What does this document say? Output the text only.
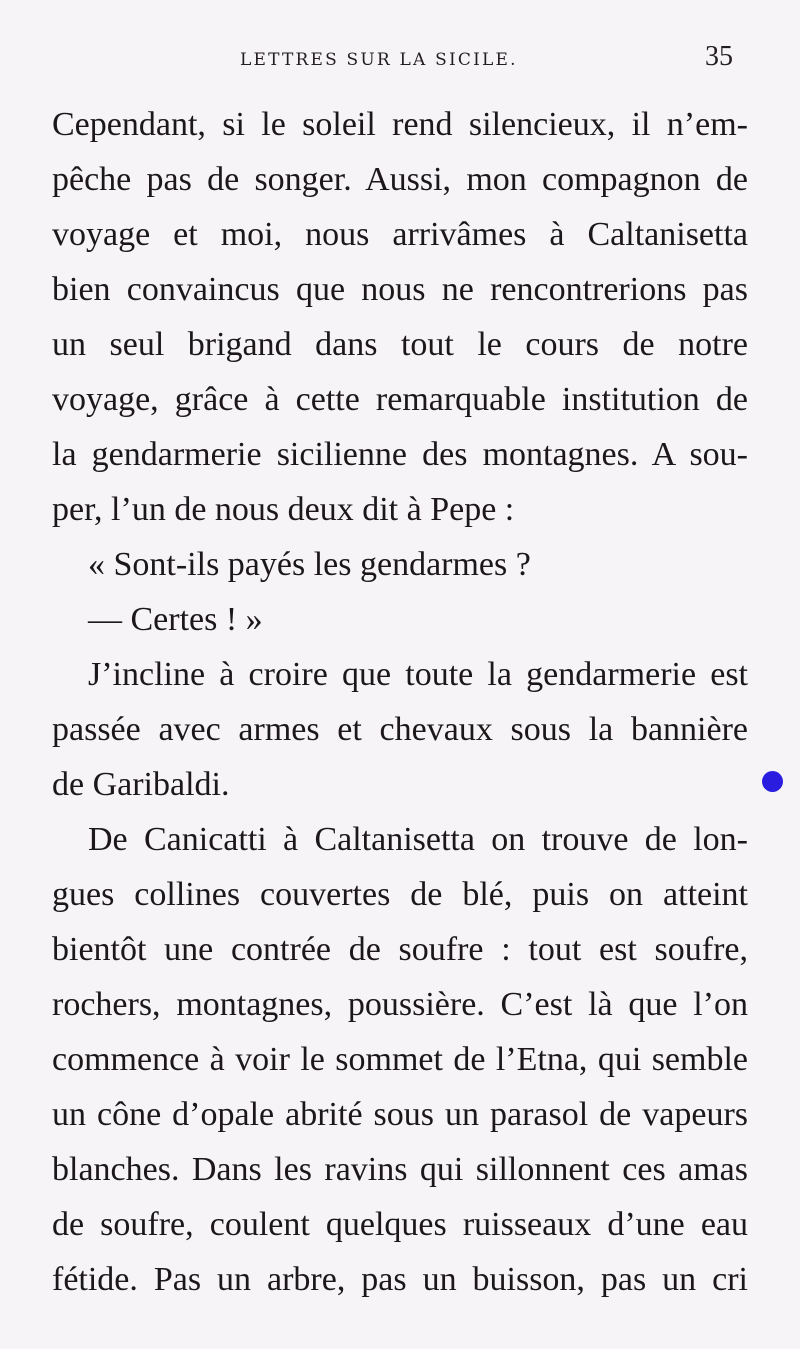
LETTRES SUR LA SICILE.	35
Cependant, si le soleil rend silencieux, il n’em-
pêche pas de songer. Aussi, mon compagnon de
voyage et moi, nous arrivâmes à Caltanisetta
bien convaincus que nous ne rencontrerions pas
un seul brigand dans tout le cours de notre
voyage, grâce à cette remarquable institution de
la gendarmerie sicilienne des montagnes. A sou-
per, l’un de nous deux dit à Pepe :
« Sont-ils payés les gendarmes ?
— Certes ! »
J’incline à croire que toute la gendarmerie est
passée avec armes et chevaux sous la bannière
de Garibaldi.
De Canicatti à Caltanisetta on trouve de lon-
gues collines couvertes de blé, puis on atteint
bientôt une contrée de soufre : tout est soufre,
rochers, montagnes, poussière. C’est là que l’on
commence à voir le sommet de l’Etna, qui semble
un cône d’opale abrité sous un parasol de vapeurs
blanches. Dans les ravins qui sillonnent ces amas
de soufre, coulent quelques ruisseaux d’une eau
fétide. Pas un arbre, pas un buisson, pas un cri
